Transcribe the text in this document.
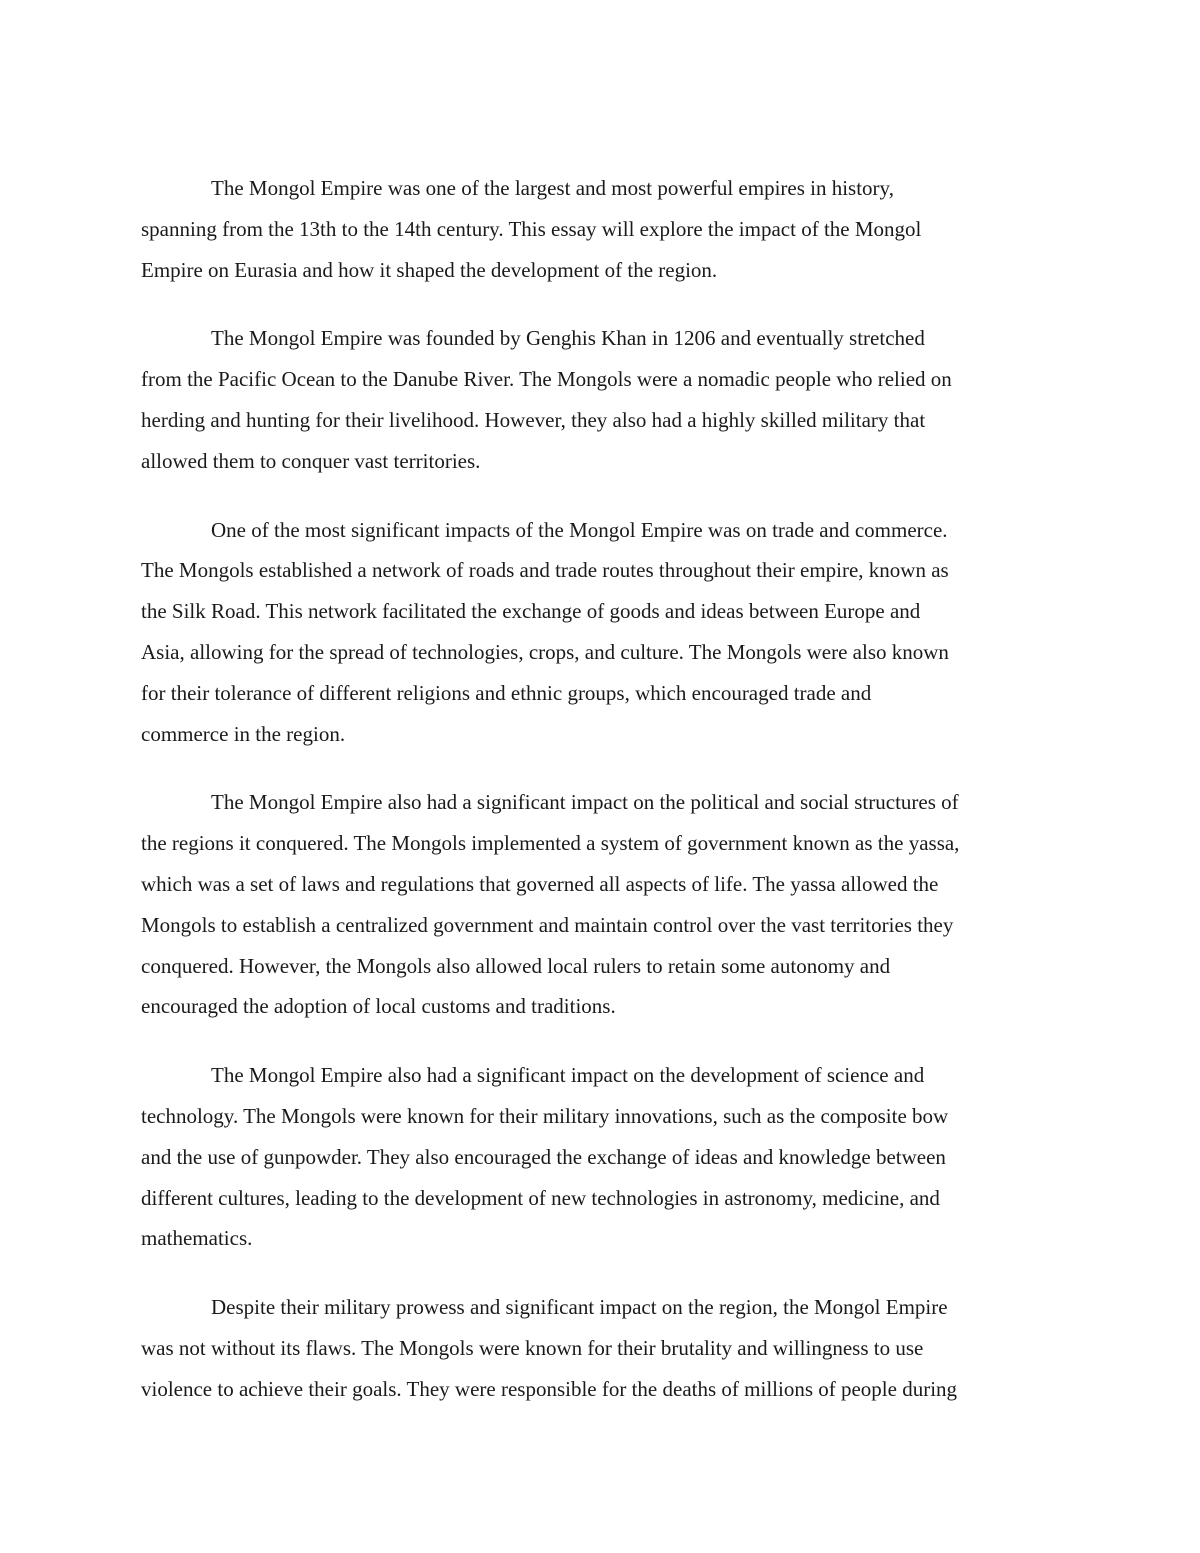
The Mongol Empire was one of the largest and most powerful empires in history,
spanning from the 13th to the 14th century. This essay will explore the impact of the Mongol
Empire on Eurasia and how it shaped the development of the region.

The Mongol Empire was founded by Genghis Khan in 1206 and eventually stretched
from the Pacific Ocean to the Danube River. The Mongols were a nomadic people who relied on
herding and hunting for their livelihood. However, they also had a highly skilled military that
allowed them to conquer vast territories.

One of the most significant impacts of the Mongol Empire was on trade and commerce.
The Mongols established a network of roads and trade routes throughout their empire, known as
the Silk Road. This network facilitated the exchange of goods and ideas between Europe and
Asia, allowing for the spread of technologies, crops, and culture. The Mongols were also known
for their tolerance of different religions and ethnic groups, which encouraged trade and
commerce in the region.

The Mongol Empire also had a significant impact on the political and social structures of
the regions it conquered. The Mongols implemented a system of government known as the yassa,
which was a set of laws and regulations that governed all aspects of life. The yassa allowed the
Mongols to establish a centralized government and maintain control over the vast territories they
conquered. However, the Mongols also allowed local rulers to retain some autonomy and
encouraged the adoption of local customs and traditions.

The Mongol Empire also had a significant impact on the development of science and
technology. The Mongols were known for their military innovations, such as the composite bow
and the use of gunpowder. They also encouraged the exchange of ideas and knowledge between
different cultures, leading to the development of new technologies in astronomy, medicine, and
mathematics.

Despite their military prowess and significant impact on the region, the Mongol Empire
was not without its flaws. The Mongols were known for their brutality and willingness to use
violence to achieve their goals. They were responsible for the deaths of millions of people during
